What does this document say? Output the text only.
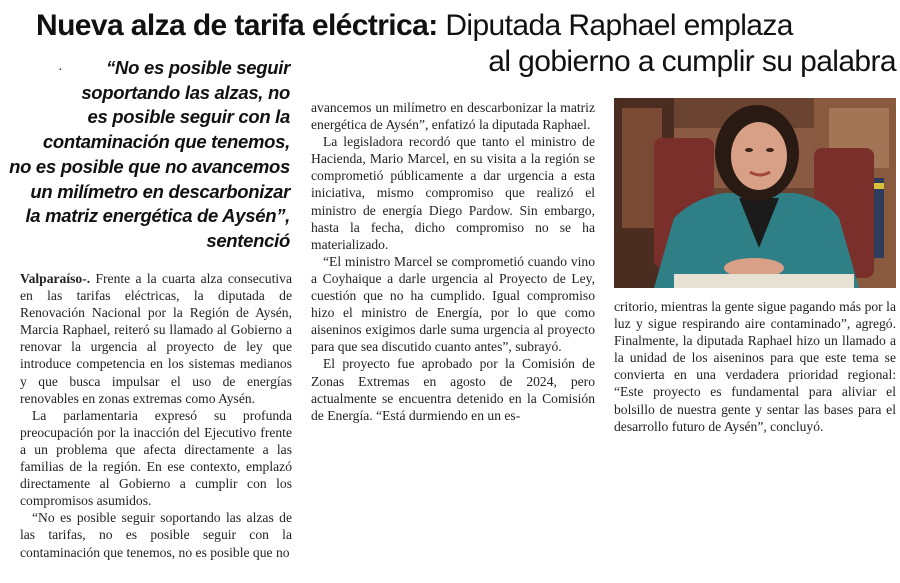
Nueva alza de tarifa eléctrica: Diputada Raphael emplaza
al gobierno a cumplir su palabra
·	“No es posible seguir
soportando las alzas, no
es posible seguir con la
contaminación que tenemos,
no es posible que no avancemos
un milímetro en descarbonizar
la matriz energética de Aysén”,
sentenció

Valparaíso-. Frente a la cuarta alza consecutiva en las tarifas eléctricas, la diputada de Renovación Nacional por la Región de Aysén, Marcia Raphael, reiteró su llamado al Gobierno a renovar la urgencia al proyecto de ley que introduce competencia en los sistemas medianos y que busca impulsar el uso de energías renovables en zonas extremas como Aysén.

La parlamentaria expresó su profunda preocupación por la inacción del Ejecutivo frente a un problema que afecta directamente a las familias de la región. En ese contexto, emplazó directamente al Gobierno a cumplir con los compromisos asumidos.

“No es posible seguir soportando las alzas de las tarifas, no es posible seguir con la contaminación que tenemos, no es posible que no

avancemos un milímetro en descarbonizar la matriz energética de Aysén”, enfatizó la diputada Raphael.

La legisladora recordó que tanto el ministro de Hacienda, Mario Marcel, en su visita a la región se comprometió públicamente a dar urgencia a esta iniciativa, mismo compromiso que realizó el ministro de energía Diego Pardow. Sin embargo, hasta la fecha, dicho compromiso no se ha materializado.

“El ministro Marcel se comprometió cuando vino a Coyhaique a darle urgencia al Proyecto de Ley, cuestión que no ha cumplido. Igual compromiso hizo el ministro de Energía, por lo que como aiseninos exigimos darle suma urgencia al proyecto para que sea discutido cuanto antes”, subrayó.

El proyecto fue aprobado por la Comisión de Zonas Extremas en agosto de 2024, pero actualmente se encuentra detenido en la Comisión de Energía. “Está durmiendo en un es-

critorio, mientras la gente sigue pagando más por la luz y sigue respirando aire contaminado”, agregó. Finalmente, la diputada Raphael hizo un llamado a la unidad de los aiseninos para que este tema se convierta en una verdadera prioridad regional: “Este proyecto es fundamental para aliviar el bolsillo de nuestra gente y sentar las bases para el desarrollo futuro de Aysén”, concluyó.
